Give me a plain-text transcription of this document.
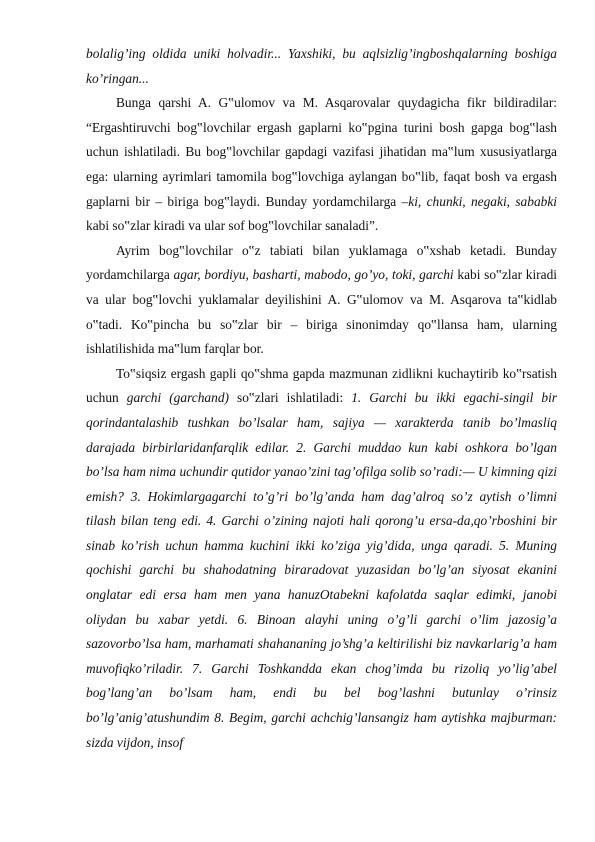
bolalig’ing oldida uniki holvadir... Yaxshiki, bu aqlsizlig’ingboshqalarning boshiga ko’ringan...

Bunga qarshi A. G‟ulomov va M. Asqarovalar quydagicha fikr bildiradilar: “Ergashtiruvchi bog‟lovchilar ergash gaplarni ko‟pgina turini bosh gapga bog‟lash uchun ishlatiladi. Bu bog‟lovchilar gapdagi vazifasi jihatidan ma‟lum xususiyatlarga ega: ularning ayrimlari tamomila bog‟lovchiga aylangan bo‟lib, faqat bosh va ergash gaplarni bir – biriga bog‟laydi. Bunday yordamchilarga –ki, chunki, negaki, sababki kabi so‟zlar kiradi va ular sof bog‟lovchilar sanaladi”.

Ayrim bog‟lovchilar o‟z tabiati bilan yuklamaga o‟xshab ketadi. Bunday yordamchilarga agar, bordiyu, basharti, mabodo, go’yo, toki, garchi kabi so‟zlar kiradi va ular bog‟lovchi yuklamalar deyilishini A. G‟ulomov va M. Asqarova ta‟kidlab o‟tadi. Ko‟pincha bu so‟zlar bir – biriga sinonimday qo‟llansa ham, ularning ishlatilishida ma‟lum farqlar bor.

To‟siqsiz ergash gapli qo‟shma gapda mazmunan zidlikni kuchaytirib ko‟rsatish uchun garchi (garchand) so‟zlari ishlatiladi: 1. Garchi bu ikki egachi-singil bir qorindantalashib tushkan bo’lsalar ham, sajiya — xarakterda tanib bo’lmasliq darajada birbirlaridanfarqlik edilar. 2. Garchi muddao kun kabi oshkora bo’lgan bo’lsa ham nima uchundir qutidor yanao’zini tag’ofilga solib so’radi:— U kimning qizi emish? 3. Hokimlargagarchi to’g’ri bo’lg’anda ham dag’alroq so’z aytish o’limni tilash bilan teng edi. 4. Garchi o’zining najoti hali qorong’u ersa-da,qo’rboshini bir sinab ko’rish uchun hamma kuchini ikki ko’ziga yig’dida, unga qaradi. 5. Muning qochishi garchi bu shahodatning biraradovat yuzasidan bo’lg’an siyosat ekanini onglatar edi ersa ham men yana hanuzOtabekni kafolatda saqlar edimki, janobi oliydan bu xabar yetdi. 6. Binoan alayhi uning o’g’li garchi o’lim jazosig’a sazovorbo’lsa ham, marhamati shahananing jo’shg’a keltirilishi biz navkarlarig’a ham muvofiqko’riladir. 7. Garchi Toshkandda ekan chog’imda bu rizoliq yo’lig’abel bog’lang’an bo’lsam ham, endi bu bel bog’lashni butunlay o’rinsiz bo’lg’anig’atushundim 8. Begim, garchi achchig’lansangiz ham aytishka majburman: sizda vijdon, insof
